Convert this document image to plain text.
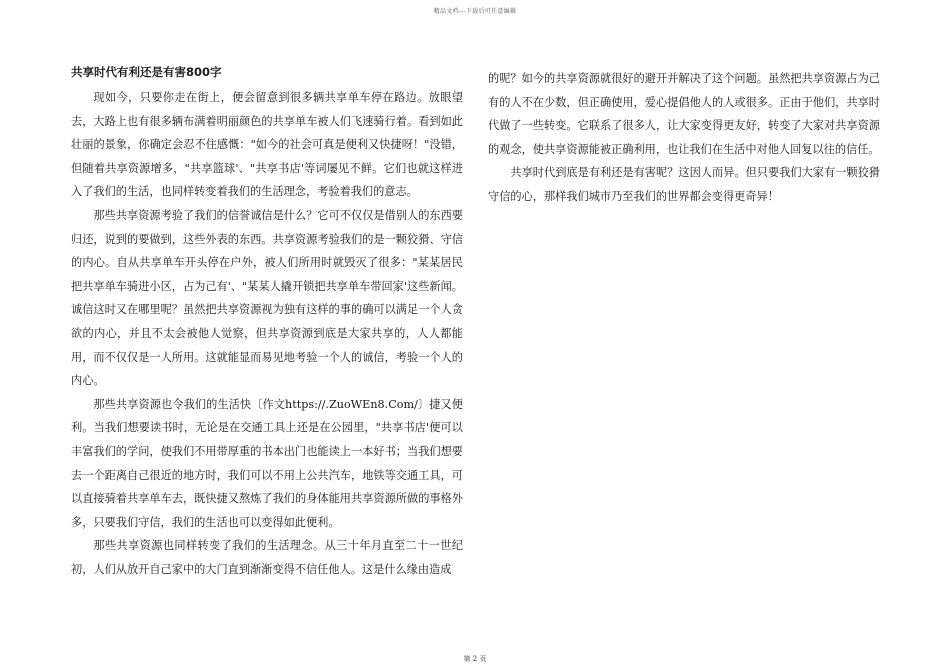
精品文档---下载后可任意编辑
共享时代有利还是有害800字

现如今，只要你走在街上，便会留意到很多辆共享单车停在路边。放眼望去，大路上也有很多辆布满着明丽颜色的共享单车被人们飞速骑行着。看到如此壮丽的景象，你确定会忍不住感慨："如今的社会可真是便利又快捷呀！"没错，但随着共享资源增多，"共享篮球'、"共享书店'等词屡见不鲜。它们也就这样进入了我们的生活，也同样转变着我们的生活理念，考验着我们的意志。

那些共享资源考验了我们的信誉诚信是什么？它可不仅仅是借别人的东西要归还，说到的要做到，这些外表的东西。共享资源考验我们的是一颗狡猾、守信的内心。自从共享单车开头停在户外，被人们所用时就毁灭了很多："某某居民把共享单车骑进小区，占为己有'、"某某人撬开锁把共享单车带回家'这些新闻。诚信这时又在哪里呢？虽然把共享资源视为独有这样的事的确可以满足一个人贪欲的内心，并且不太会被他人觉察，但共享资源到底是大家共享的，人人都能用，而不仅仅是一人所用。这就能显而易见地考验一个人的诚信，考验一个人的内心。

那些共享资源也令我们的生活快〔作文https://.ZuoWEn8.Com/〕捷又便利。当我们想要读书时，无论是在交通工具上还是在公园里，"共享书店'便可以丰富我们的学问，使我们不用带厚重的书本出门也能读上一本好书；当我们想要去一个距离自己很近的地方时，我们可以不用上公共汽车，地铁等交通工具，可以直接骑着共享单车去，既快捷又熬炼了我们的身体能用共享资源所做的事格外多，只要我们守信，我们的生活也可以变得如此便利。

那些共享资源也同样转变了我们的生活理念。从三十年月直至二十一世纪初，人们从放开自己家中的大门直到渐渐变得不信任他人。这是什么缘由造成

的呢？如今的共享资源就很好的避开并解决了这个问题。虽然把共享资源占为己有的人不在少数，但正确使用，爱心提倡他人的人或很多。正由于他们，共享时代做了一些转变。它联系了很多人，让大家变得更友好，转变了大家对共享资源的观念，使共享资源能被正确利用，也让我们在生活中对他人回复以往的信任。

共享时代到底是有利还是有害呢？这因人而异。但只要我们大家有一颗狡猾守信的心，那样我们城市乃至我们的世界都会变得更奇异！

第 2 页
